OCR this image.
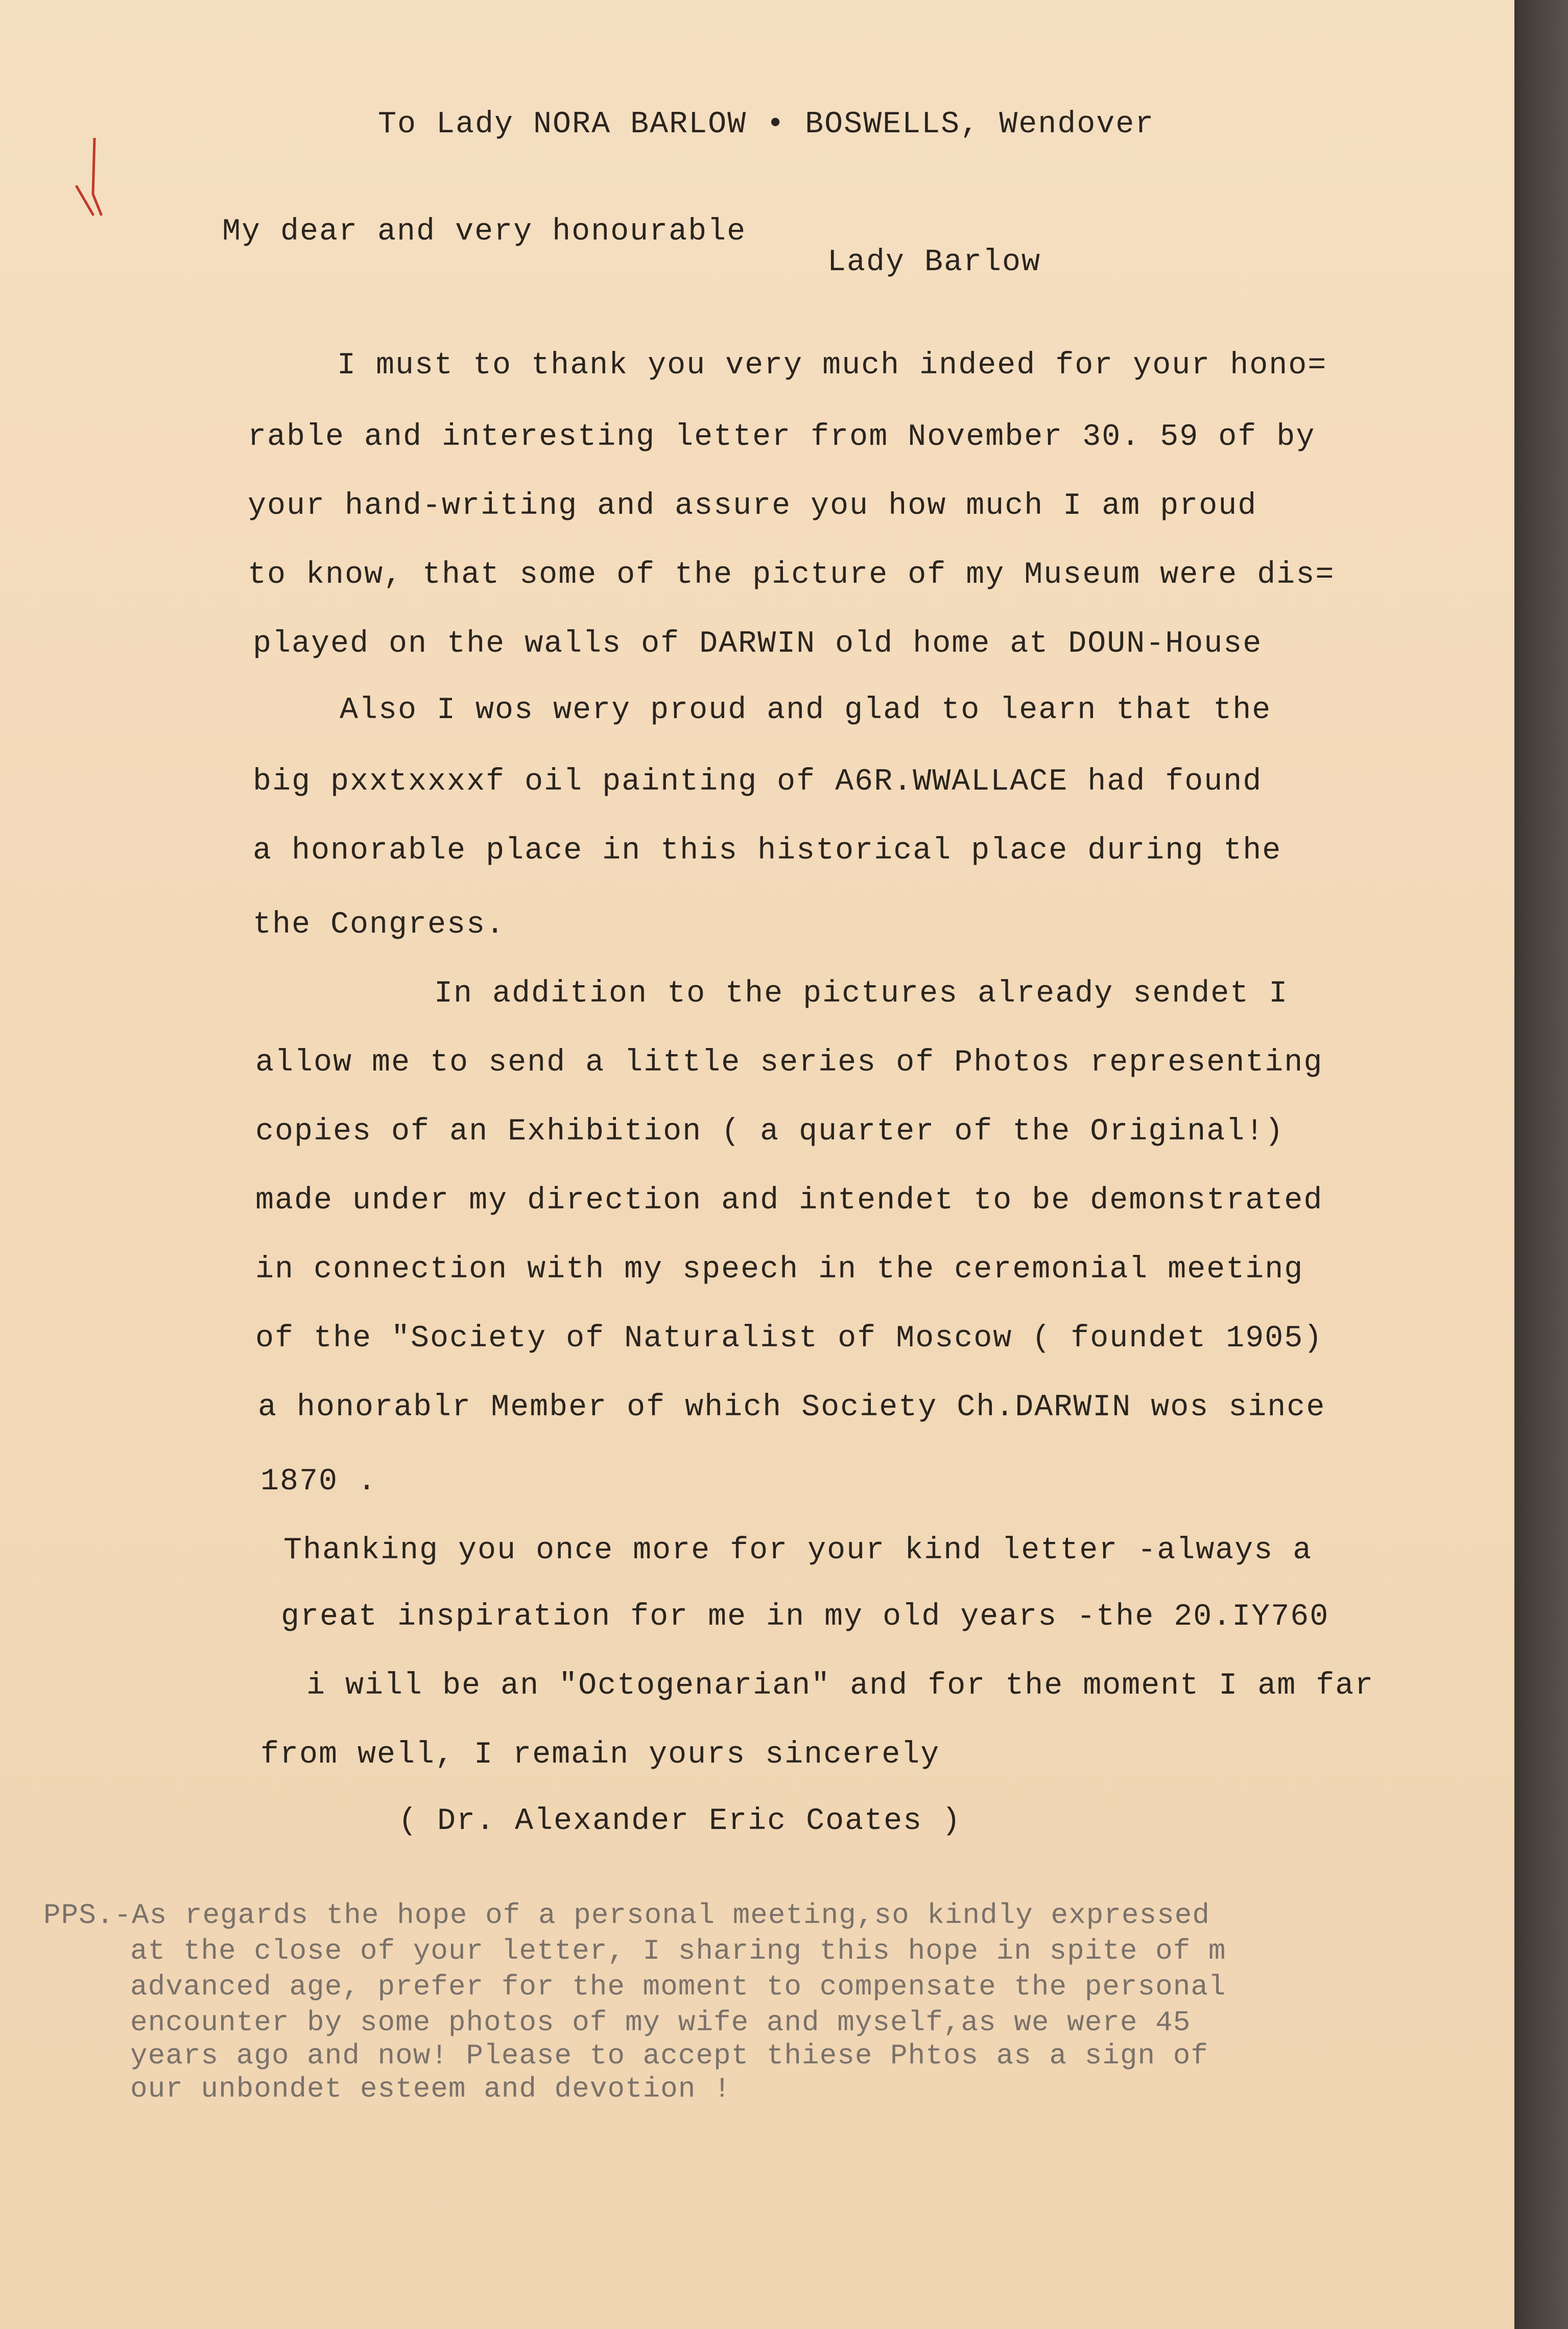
To Lady NORA BARLOW • BOSWELLS, Wendover
My dear and very honourable
Lady Barlow
I must to thank you very much indeed for your hono=
rable and interesting letter from November 30. 59 of by
your hand-writing and assure you how much I am proud
to know, that some of the picture of my Museum were dis=
played on the walls of DARWIN old home at DOUN-House
Also I wos wery proud and glad to learn that the
big pxxtxxxxf oil painting of A6R.WWALLACE had found
a honorable place in this historical place during the
the Congress.
In addition to the pictures already sendet I
allow me to send a little series of Photos representing
copies of an Exhibition ( a quarter of the Original!)
made under my direction and intendet to be demonstrated
in connection with my speech in the ceremonial meeting
of the "Society of Naturalist of Moscow ( foundet 1905)
a honorablr Member of which Society Ch.DARWIN wos since
1870 .
Thanking you once more for your kind letter -always a
great inspiration for me in my old years -the 20.IY760
i will be an "Octogenarian" and for the moment I am far
from well, I remain yours sincerely
( Dr. Alexander Eric Coates )
PPS.-As regards the hope of a personal meeting,so kindly expressed
at the close of your letter, I sharing this hope in spite of m
advanced age, prefer for the moment to compensate the personal
encounter by some photos of my wife and myself,as we were 45
years ago and now! Please to accept thiese Phtos as a sign of
our unbondet esteem and devotion !
